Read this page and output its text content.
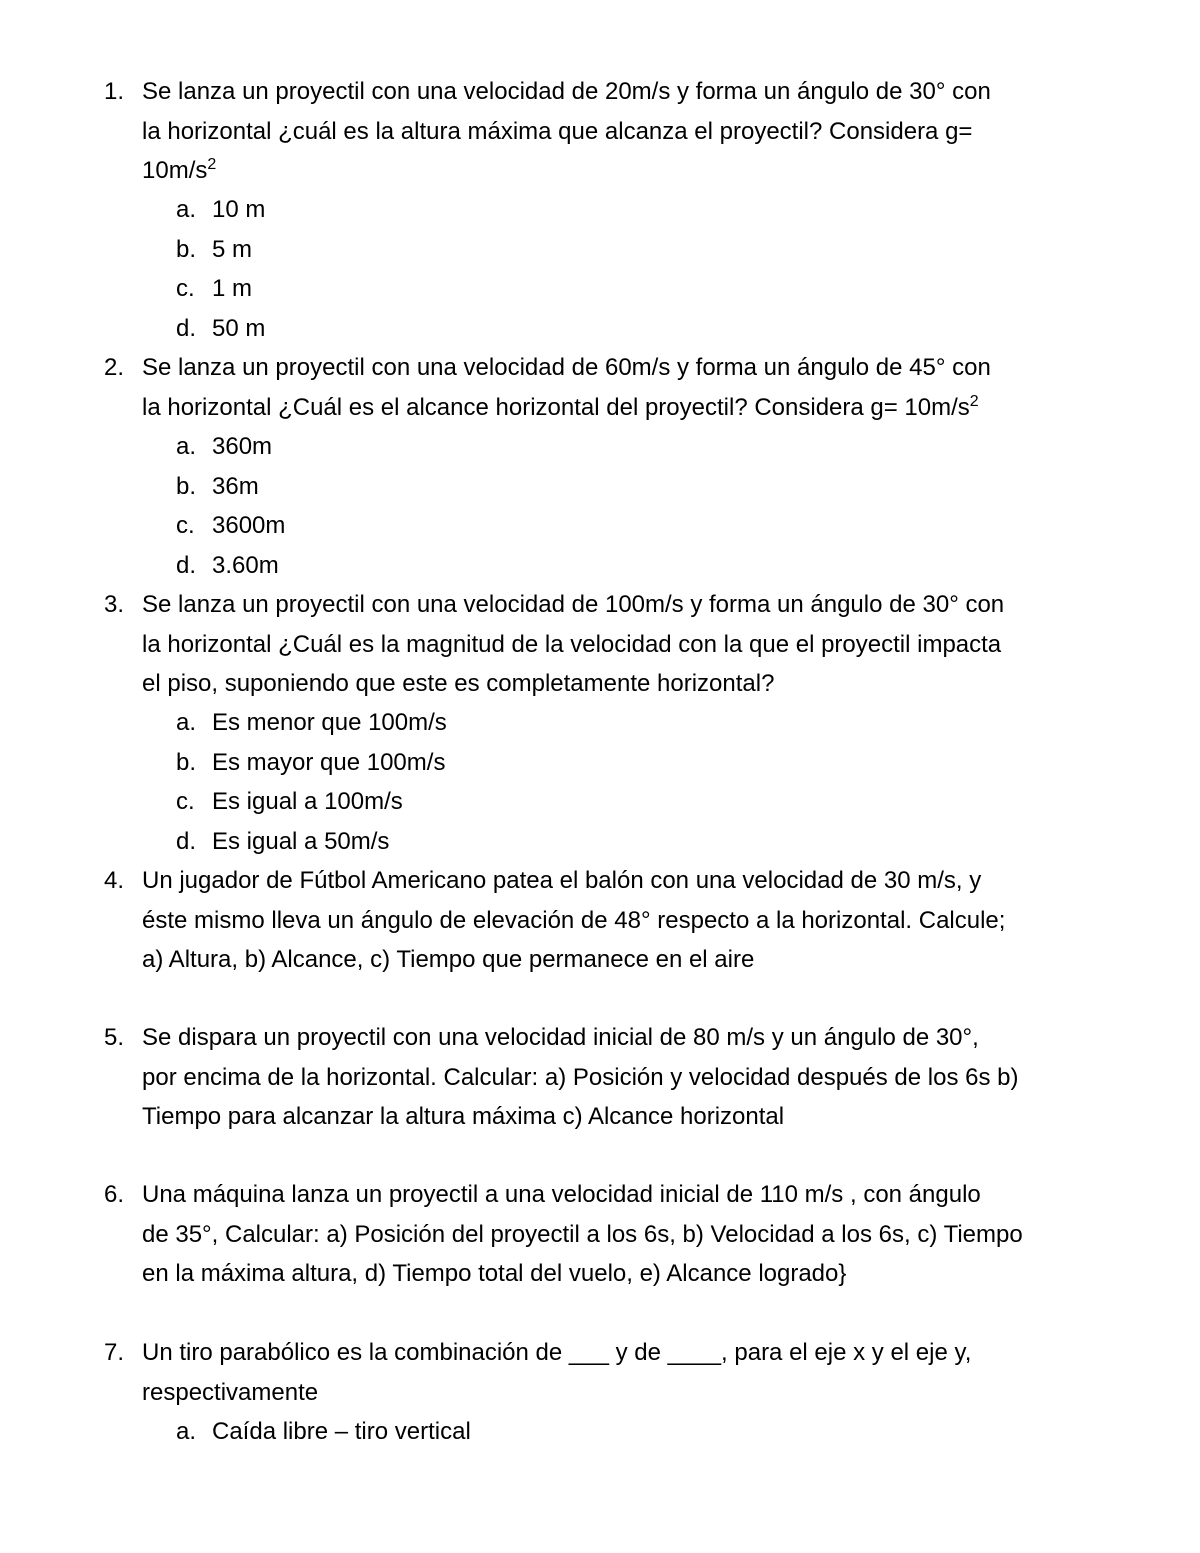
1. Se lanza un proyectil con una velocidad de 20m/s y forma un ángulo de 30° con
la horizontal ¿cuál es la altura máxima que alcanza el proyectil? Considera g=
$10m/s^2$
a. 10 m
b. 5 m
c. 1 m
d. 50 m
2. Se lanza un proyectil con una velocidad de 60m/s y forma un ángulo de 45° con
la horizontal ¿Cuál es el alcance horizontal del proyectil? Considera $g= 10m/s^2$
a. 360m
b. 36m
c. 3600m
d. 3.60m
3. Se lanza un proyectil con una velocidad de 100m/s y forma un ángulo de 30° con
la horizontal ¿Cuál es la magnitud de la velocidad con la que el proyectil impacta
el piso, suponiendo que este es completamente horizontal?
a. Es menor que 100m/s
b. Es mayor que 100m/s
c. Es igual a 100m/s
d. Es igual a 50m/s
4. Un jugador de Fútbol Americano patea el balón con una velocidad de 30 m/s, y
éste mismo lleva un ángulo de elevación de 48° respecto a la horizontal. Calcule;
a) Altura, b) Alcance, c) Tiempo que permanece en el aire
5. Se dispara un proyectil con una velocidad inicial de 80 m/s y un ángulo de 30°,
por encima de la horizontal. Calcular: a) Posición y velocidad después de los 6s b)
Tiempo para alcanzar la altura máxima c) Alcance horizontal
6. Una máquina lanza un proyectil a una velocidad inicial de 110 m/s , con ángulo
de 35°, Calcular: a) Posición del proyectil a los 6s, b) Velocidad a los 6s, c) Tiempo
en la máxima altura, d) Tiempo total del vuelo, e) Alcance logrado}
7. Un tiro parabólico es la combinación de ___ y de ____, para el eje x y el eje y,
respectivamente
a. Caída libre – tiro vertical
